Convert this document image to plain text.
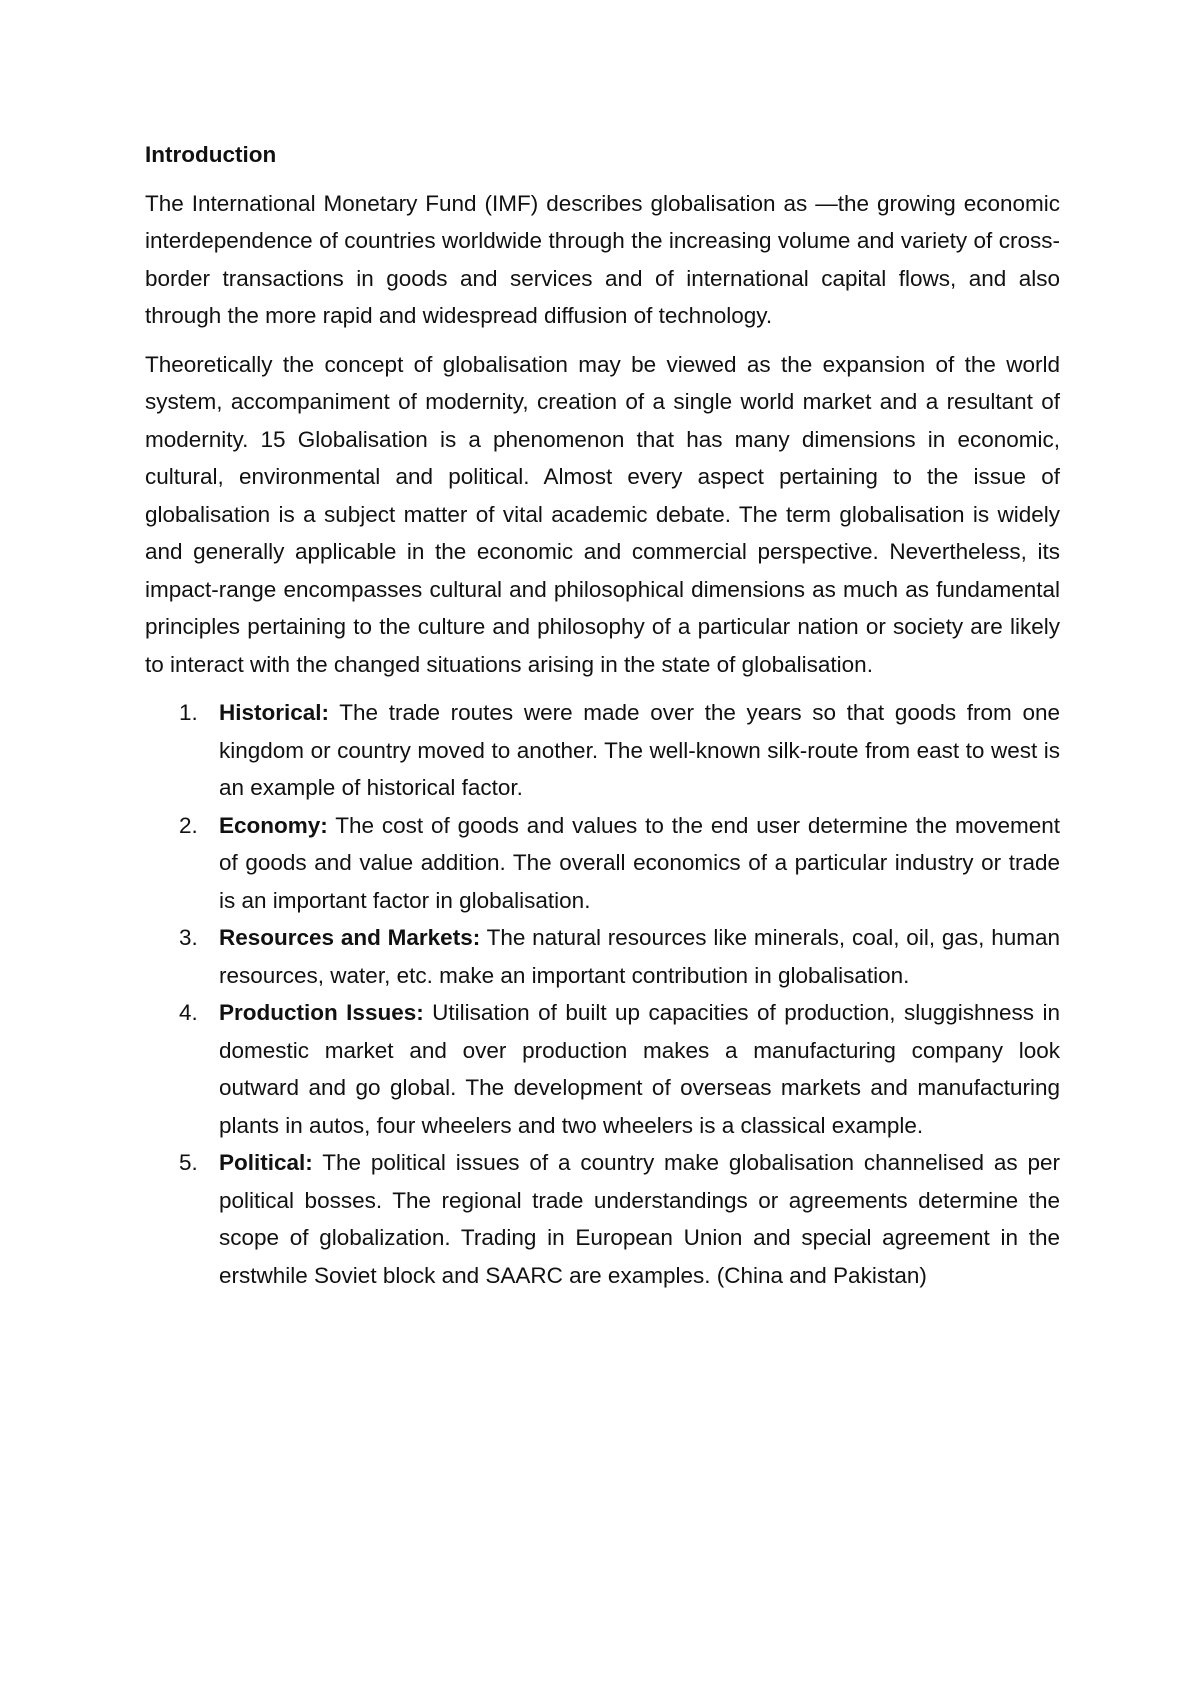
Introduction

The International Monetary Fund (IMF) describes globalisation as —the growing economic interdependence of countries worldwide through the increasing volume and variety of cross-border transactions in goods and services and of international capital flows, and also through the more rapid and widespread diffusion of technology.

Theoretically the concept of globalisation may be viewed as the expansion of the world system, accompaniment of modernity, creation of a single world market and a resultant of modernity. 15 Globalisation is a phenomenon that has many dimensions in economic, cultural, environmental and political. Almost every aspect pertaining to the issue of globalisation is a subject matter of vital academic debate. The term globalisation is widely and generally applicable in the economic and commercial perspective. Nevertheless, its impact-range encompasses cultural and philosophical dimensions as much as fundamental principles pertaining to the culture and philosophy of a particular nation or society are likely to interact with the changed situations arising in the state of globalisation.

1. Historical: The trade routes were made over the years so that goods from one kingdom or country moved to another. The well-known silk-route from east to west is an example of historical factor.
2. Economy: The cost of goods and values to the end user determine the movement of goods and value addition. The overall economics of a particular industry or trade is an important factor in globalisation.
3. Resources and Markets: The natural resources like minerals, coal, oil, gas, human resources, water, etc. make an important contribution in globalisation.
4. Production Issues: Utilisation of built up capacities of production, sluggishness in domestic market and over production makes a manufacturing company look outward and go global. The development of overseas markets and manufacturing plants in autos, four wheelers and two wheelers is a classical example.
5. Political: The political issues of a country make globalisation channelised as per political bosses. The regional trade understandings or agreements determine the scope of globalization. Trading in European Union and special agreement in the erstwhile Soviet block and SAARC are examples. (China and Pakistan)
